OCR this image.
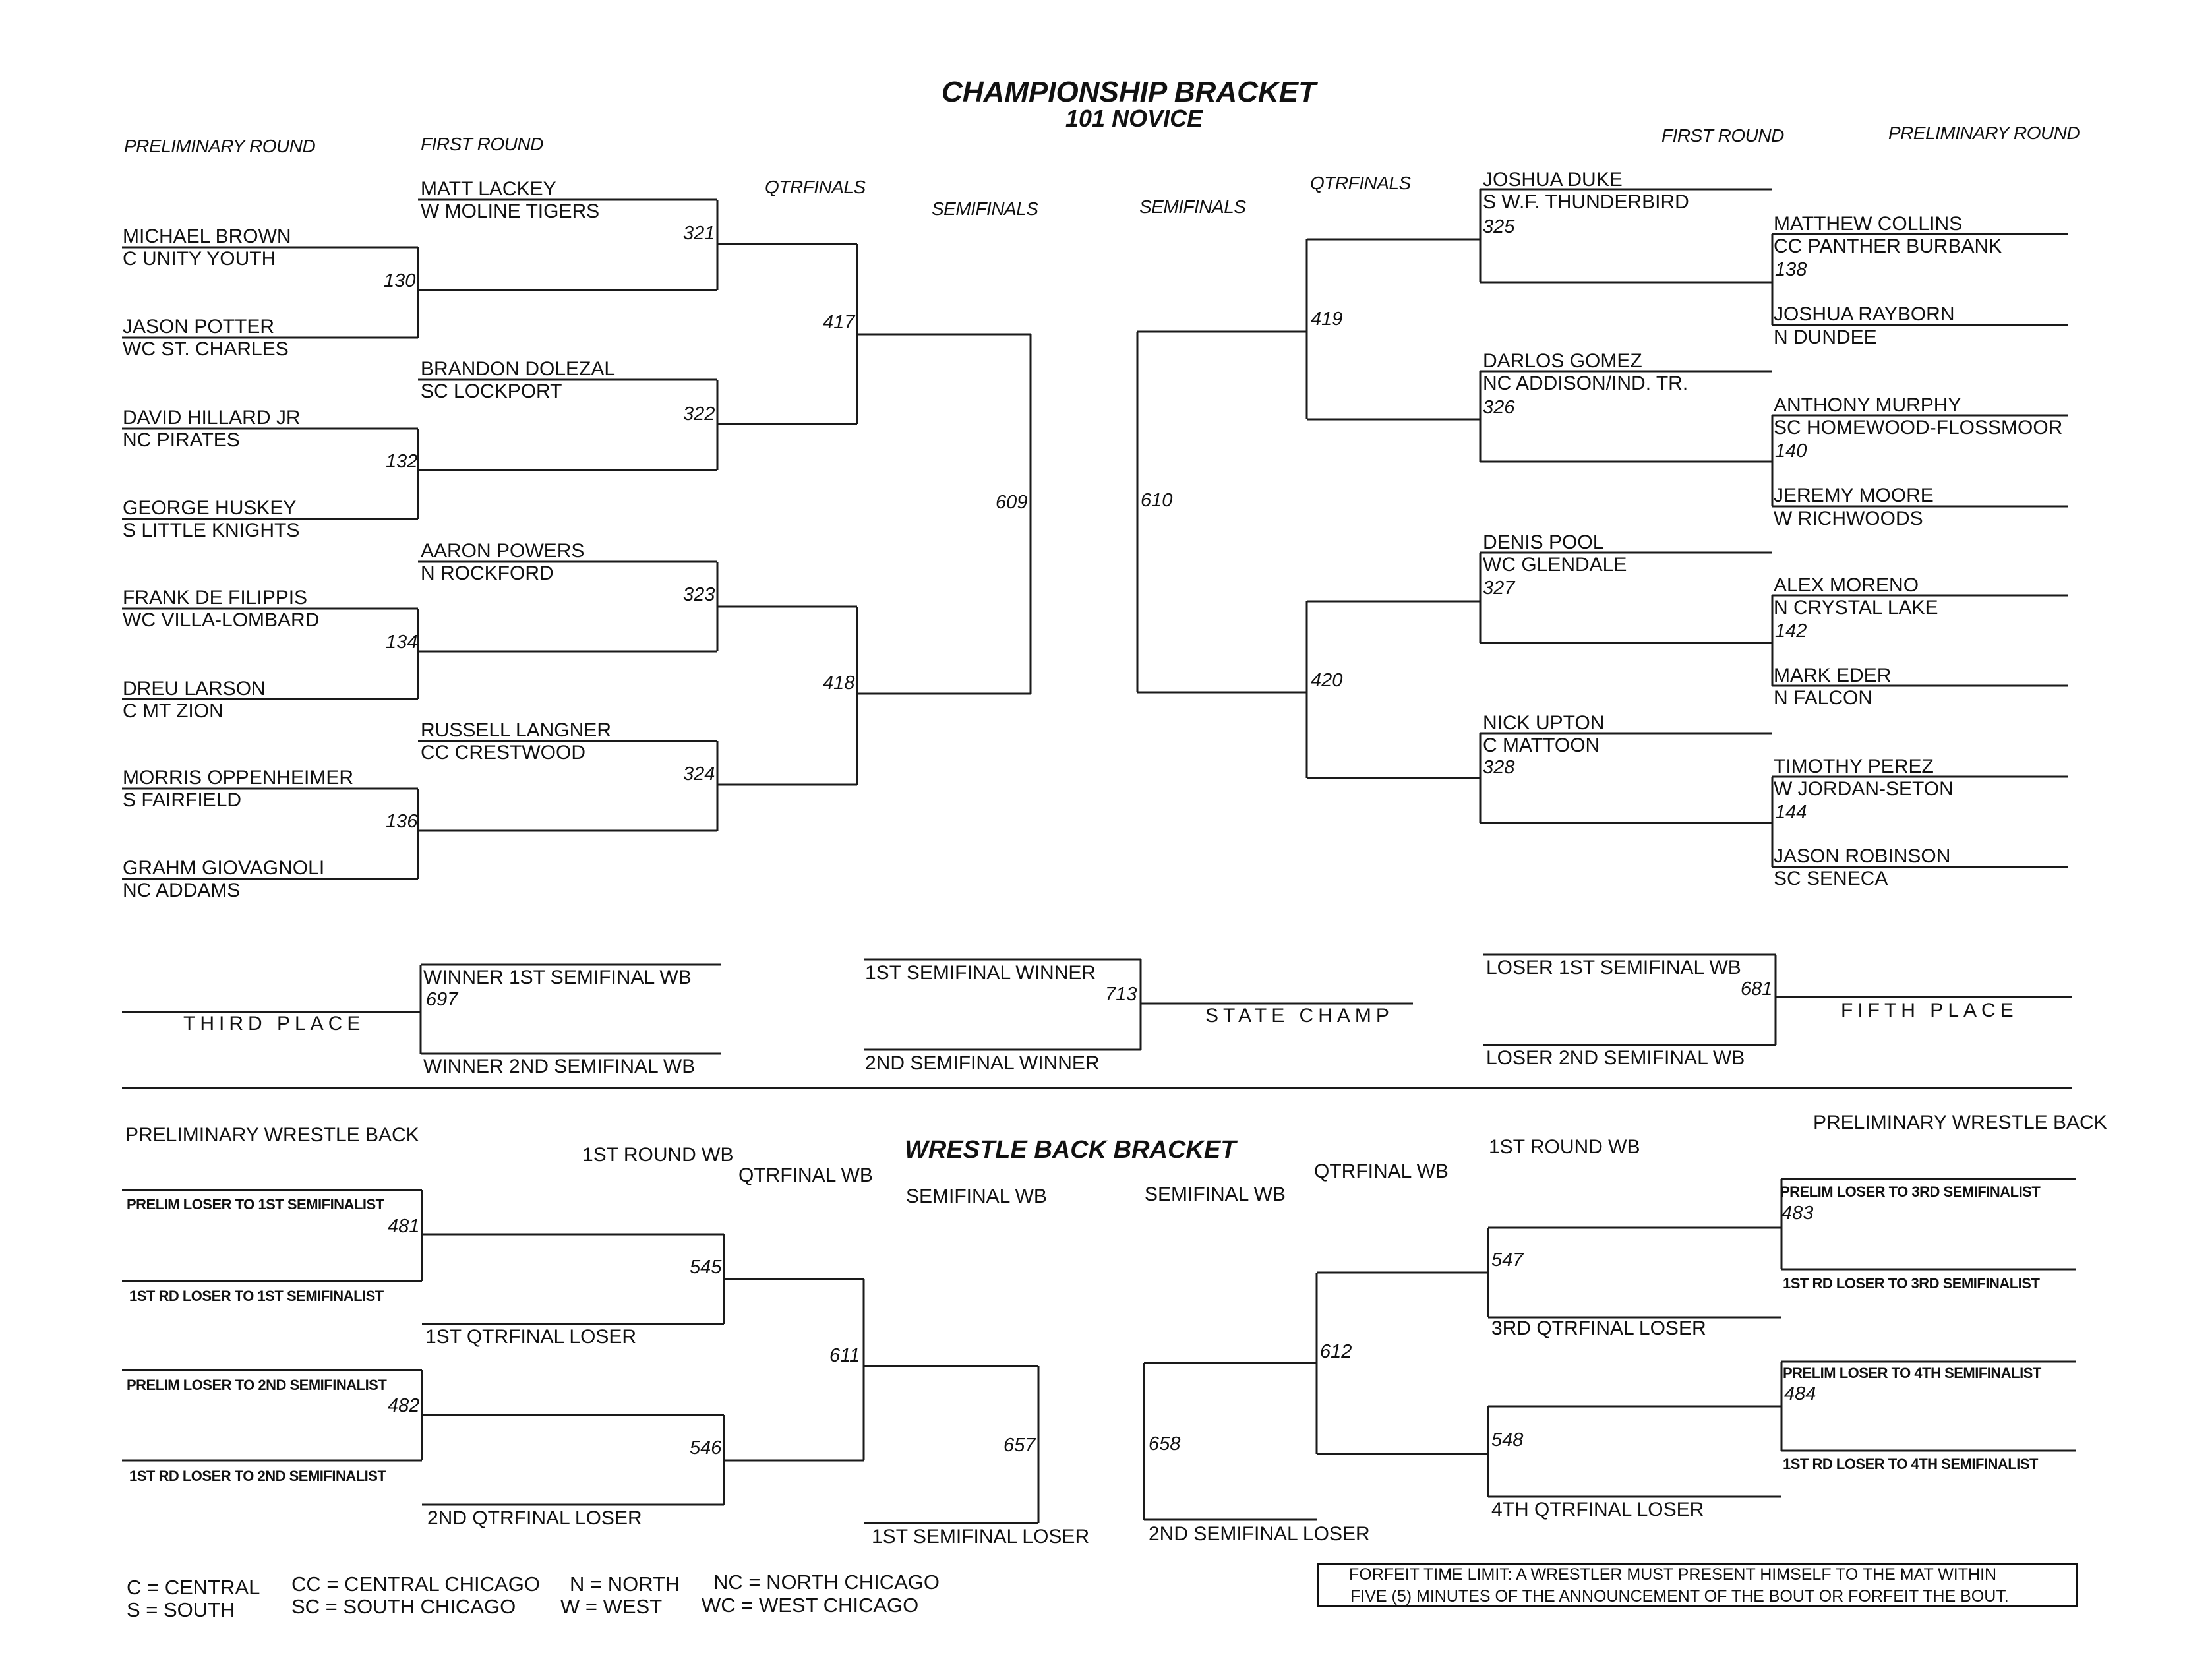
CHAMPIONSHIP BRACKET
101 NOVICE
PRELIMINARY ROUND	FIRST ROUND
QTRFINALS
SEMIFINALS	SEMIFINALS
QTRFINALS
FIRST ROUND	PRELIMINARY ROUND
MICHAEL BROWN
C UNITY YOUTH
130
JASON POTTER
WC ST. CHARLES
DAVID HILLARD JR
NC PIRATES
132
GEORGE HUSKEY
S LITTLE KNIGHTS
FRANK DE FILIPPIS
WC VILLA-LOMBARD
134
DREU LARSON
C MT ZION
MORRIS OPPENHEIMER
S FAIRFIELD
136
GRAHM GIOVAGNOLI
NC ADDAMS
MATT LACKEY
W MOLINE TIGERS
321
BRANDON DOLEZAL
SC LOCKPORT
322
AARON POWERS
N ROCKFORD
323
RUSSELL LANGNER
CC CRESTWOOD
324
417
418
609	610
419
420
JOSHUA DUKE
S W.F. THUNDERBIRD
325
DARLOS GOMEZ
NC ADDISON/IND. TR.
326
DENIS POOL
WC GLENDALE
327
NICK UPTON
C MATTOON
328
MATTHEW COLLINS
CC PANTHER BURBANK
138
JOSHUA RAYBORN
N DUNDEE
ANTHONY MURPHY
SC HOMEWOOD-FLOSSMOOR
140
JEREMY MOORE
W RICHWOODS
ALEX MORENO
N CRYSTAL LAKE
142
MARK EDER
N FALCON
TIMOTHY PEREZ
W JORDAN-SETON
144
JASON ROBINSON
SC SENECA
THIRD PLACE
WINNER 1ST SEMIFINAL WB
697
WINNER 2ND SEMIFINAL WB
1ST SEMIFINAL WINNER
713
2ND SEMIFINAL WINNER
STATE CHAMP
LOSER 1ST SEMIFINAL WB
681
LOSER 2ND SEMIFINAL WB
FIFTH PLACE
WRESTLE BACK BRACKET
PRELIMINARY WRESTLE BACK
1ST ROUND WB
QTRFINAL WB
SEMIFINAL WB	SEMIFINAL WB
QTRFINAL WB
1ST ROUND WB
PRELIMINARY WRESTLE BACK
PRELIM LOSER TO 1ST SEMIFINALIST
481
1ST RD LOSER TO 1ST SEMIFINALIST
PRELIM LOSER TO 2ND SEMIFINALIST
482
1ST RD LOSER TO 2ND SEMIFINALIST
545
1ST QTRFINAL LOSER
546
2ND QTRFINAL LOSER
611
657
1ST SEMIFINAL LOSER
658
2ND SEMIFINAL LOSER
612
547
3RD QTRFINAL LOSER
548
4TH QTRFINAL LOSER
PRELIM LOSER TO 3RD SEMIFINALIST
483
1ST RD LOSER TO 3RD SEMIFINALIST
PRELIM LOSER TO 4TH SEMIFINALIST
484
1ST RD LOSER TO 4TH SEMIFINALIST
C = CENTRAL
S = SOUTH
CC = CENTRAL CHICAGO
SC = SOUTH CHICAGO
N = NORTH
W = WEST
NC = NORTH CHICAGO
WC = WEST CHICAGO
FORFEIT TIME LIMIT: A WRESTLER MUST PRESENT HIMSELF TO THE MAT WITHIN
FIVE (5) MINUTES OF THE ANNOUNCEMENT OF THE BOUT OR FORFEIT THE BOUT.
